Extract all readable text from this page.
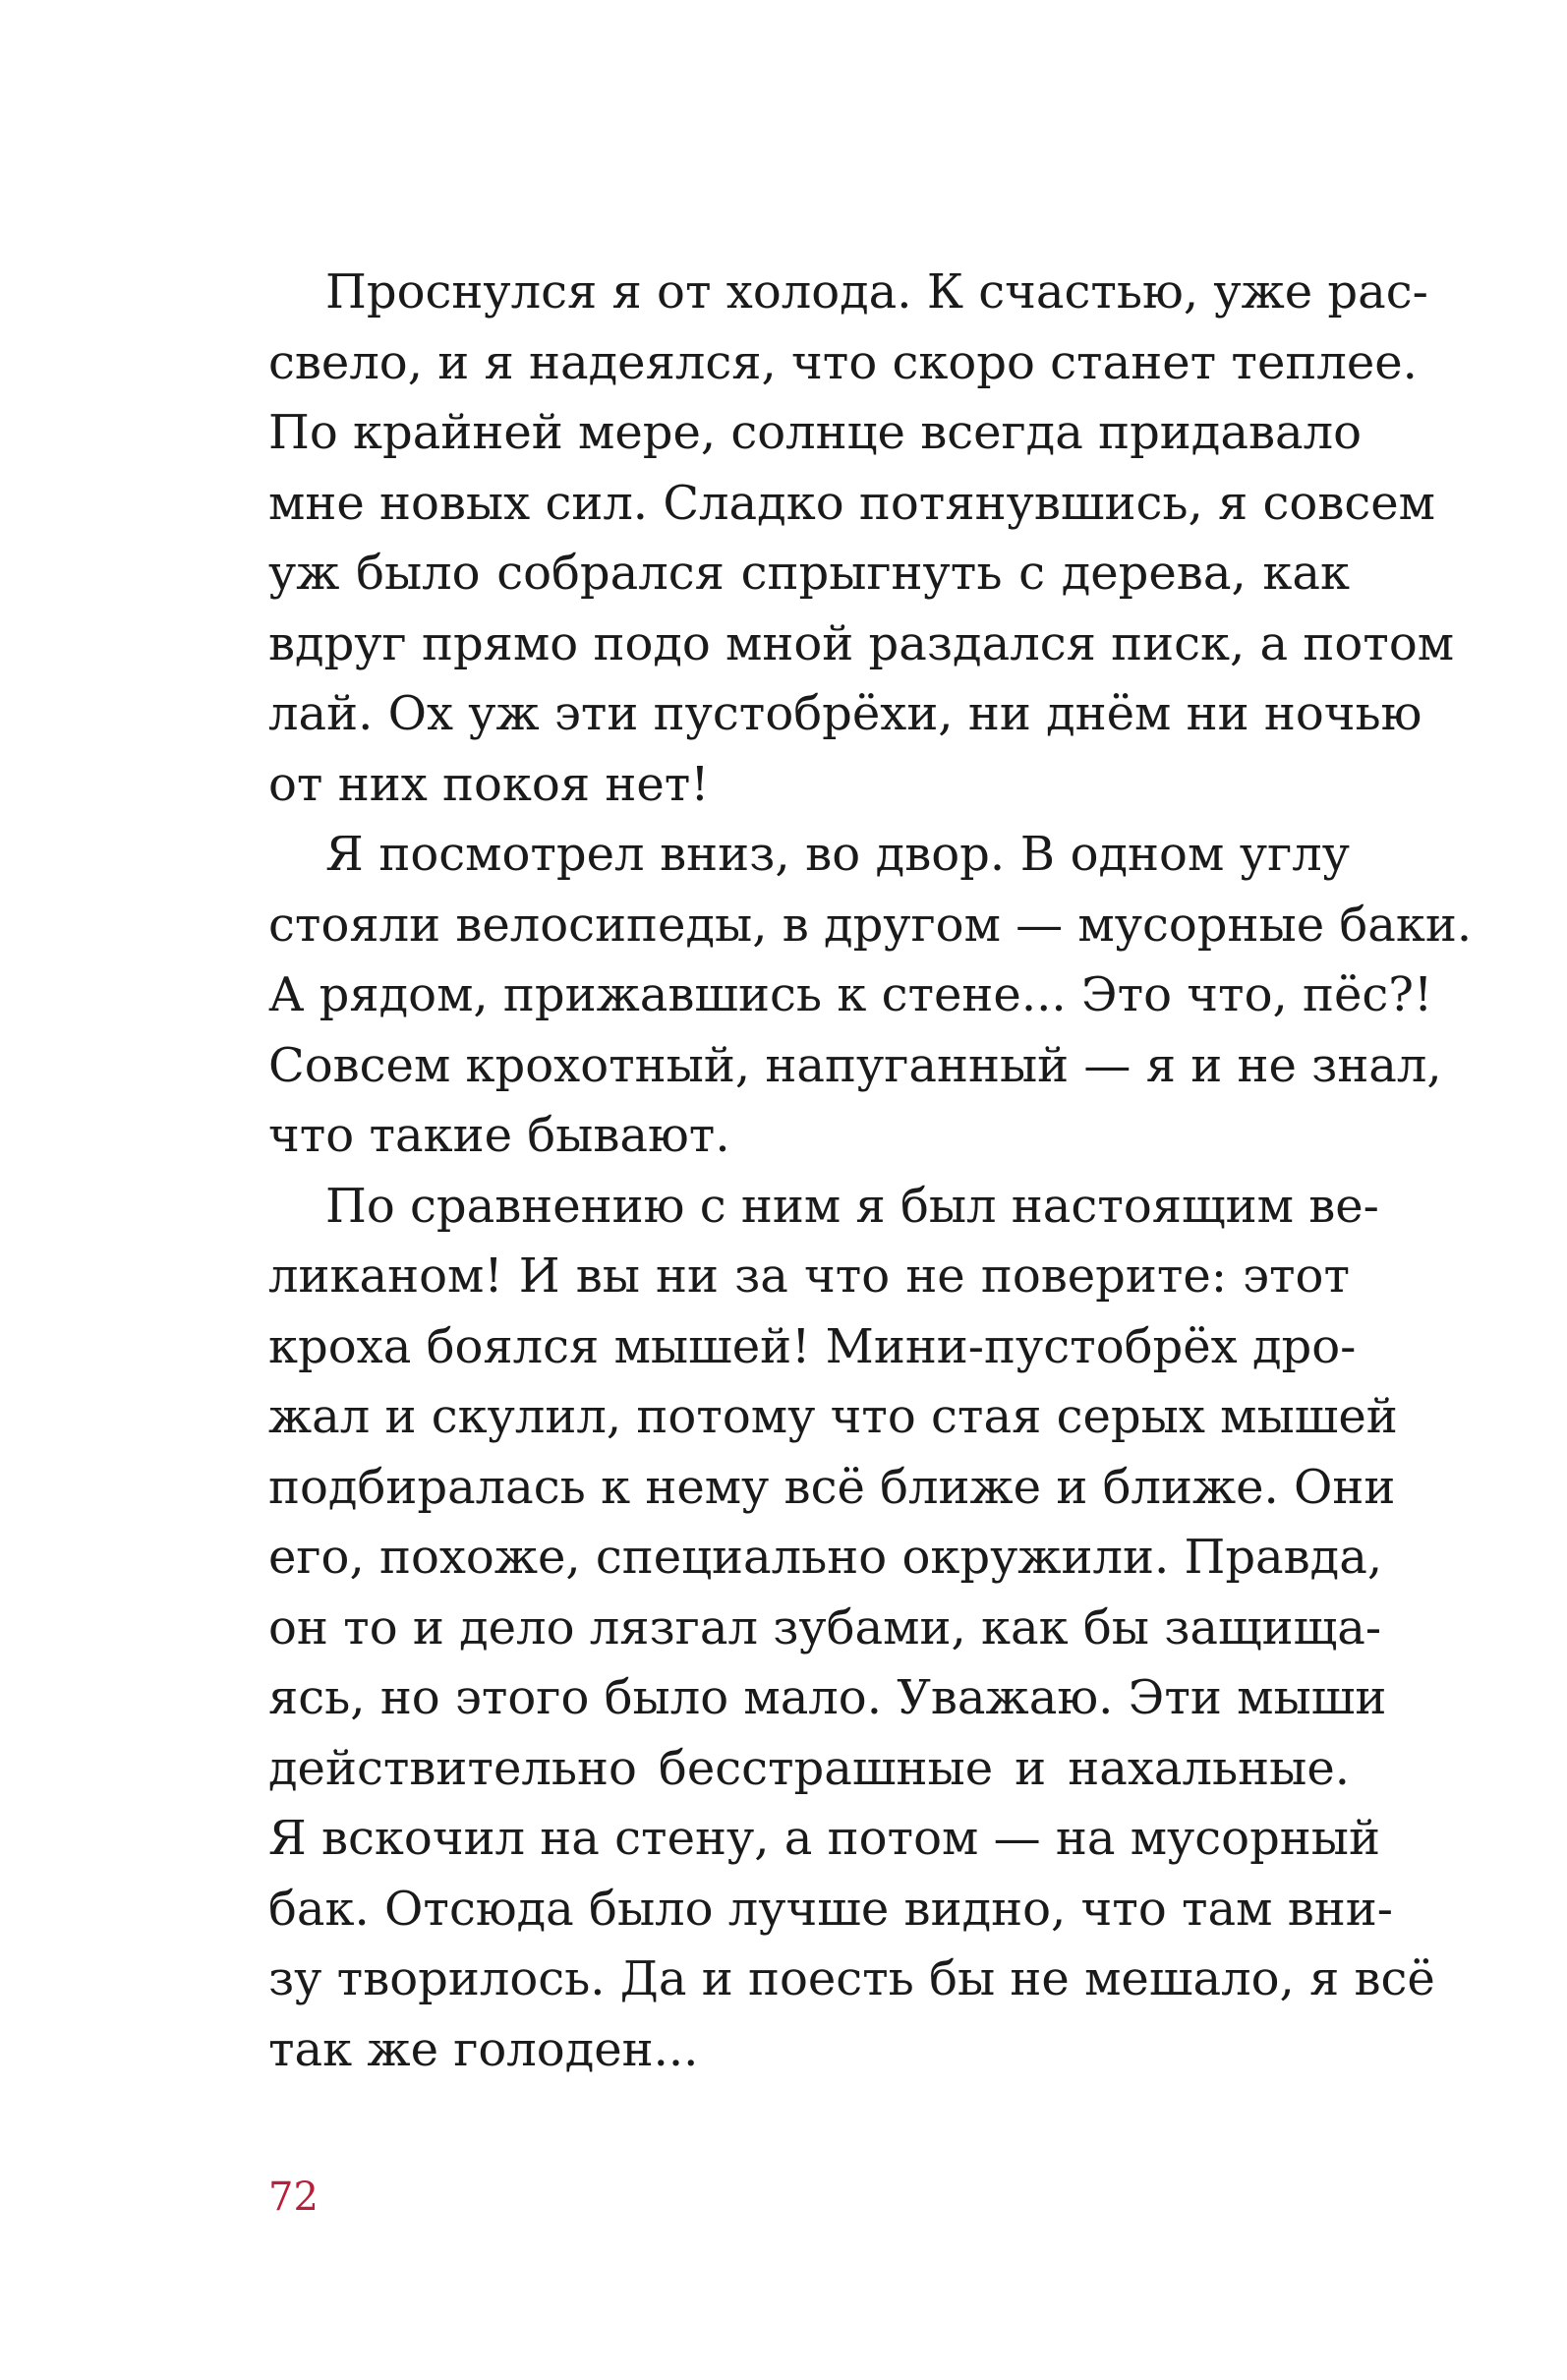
Проснулся я от холода. К счастью, уже рас-
свело, и я надеялся, что скоро станет теплее.
По крайней мере, солнце всегда придавало
мне новых сил. Сладко потянувшись, я совсем
уж было собрался спрыгнуть с дерева, как
вдруг прямо подо мной раздался писк, а потом
лай. Ох уж эти пустобрёхи, ни днём ни ночью
от них покоя нет!
Я посмотрел вниз, во двор. В одном углу
стояли велосипеды, в другом — мусорные баки.
А рядом, прижавшись к стене... Это что, пёс?!
Совсем крохотный, напуганный — я и не знал,
что такие бывают.
По сравнению с ним я был настоящим ве-
ликаном! И вы ни за что не поверите: этот
кроха боялся мышей! Мини-пустобрёх дро-
жал и скулил, потому что стая серых мышей
подбиралась к нему всё ближе и ближе. Они
его, похоже, специально окружили. Правда,
он то и дело лязгал зубами, как бы защища-
ясь, но этого было мало. Уважаю. Эти мыши
действительно бесстрашные и нахальные.
Я вскочил на стену, а потом — на мусорный
бак. Отсюда было лучше видно, что там вни-
зу творилось. Да и поесть бы не мешало, я всё
так же голоден...
72
